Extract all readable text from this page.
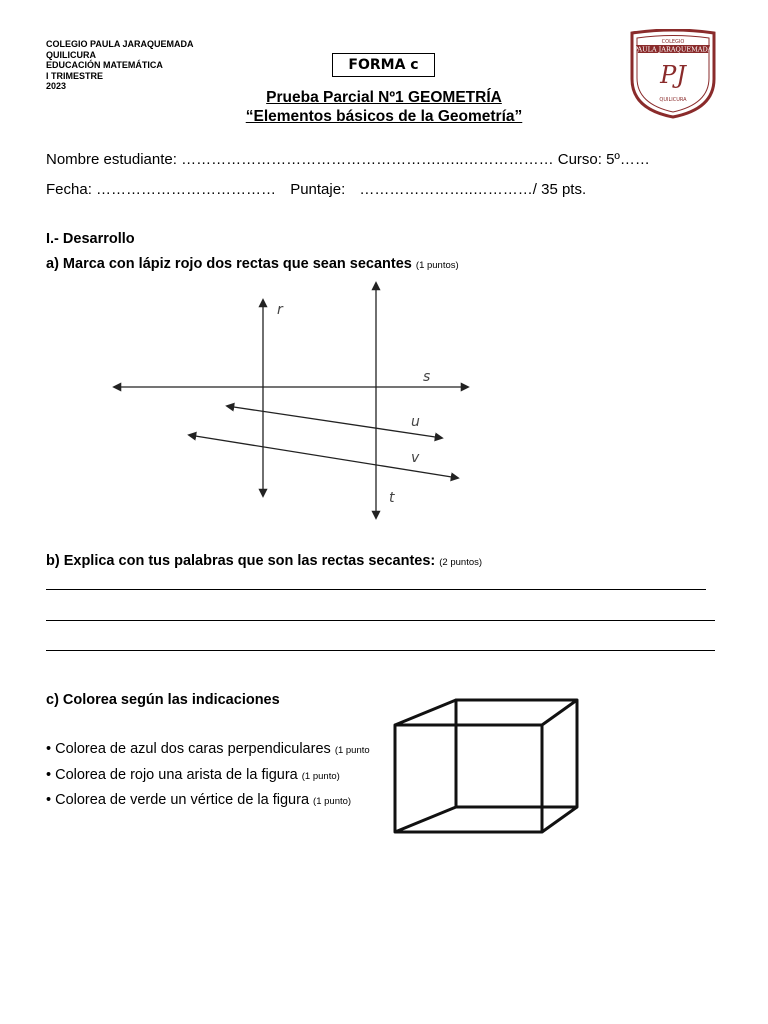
COLEGIO PAULA JARAQUEMADA
QUILICURA
EDUCACIÓN MATEMÁTICA
I TRIMESTRE
2023
FORMA c
COLEGIO
PAULA JARAQUEMADA
PJ
QUILICURA
Prueba Parcial Nº1 GEOMETRÍA
“Elementos básicos de la Geometría”
Nombre estudiante: …………………………………………….…..……………… Curso: 5º……
Fecha: ……………………………… Puntaje: …………………..…………/ 35 pts.
I.- Desarrollo
a) Marca con lápiz rojo dos rectas que sean secantes (1 puntos)
r
s
u
v
t
b) Explica con tus palabras que son las rectas secantes: (2 puntos)
c) Colorea según las indicaciones
• Colorea de azul dos caras perpendiculares (1 punto
• Colorea de rojo una arista de la figura (1 punto)
• Colorea de verde un vértice de la figura (1 punto)
